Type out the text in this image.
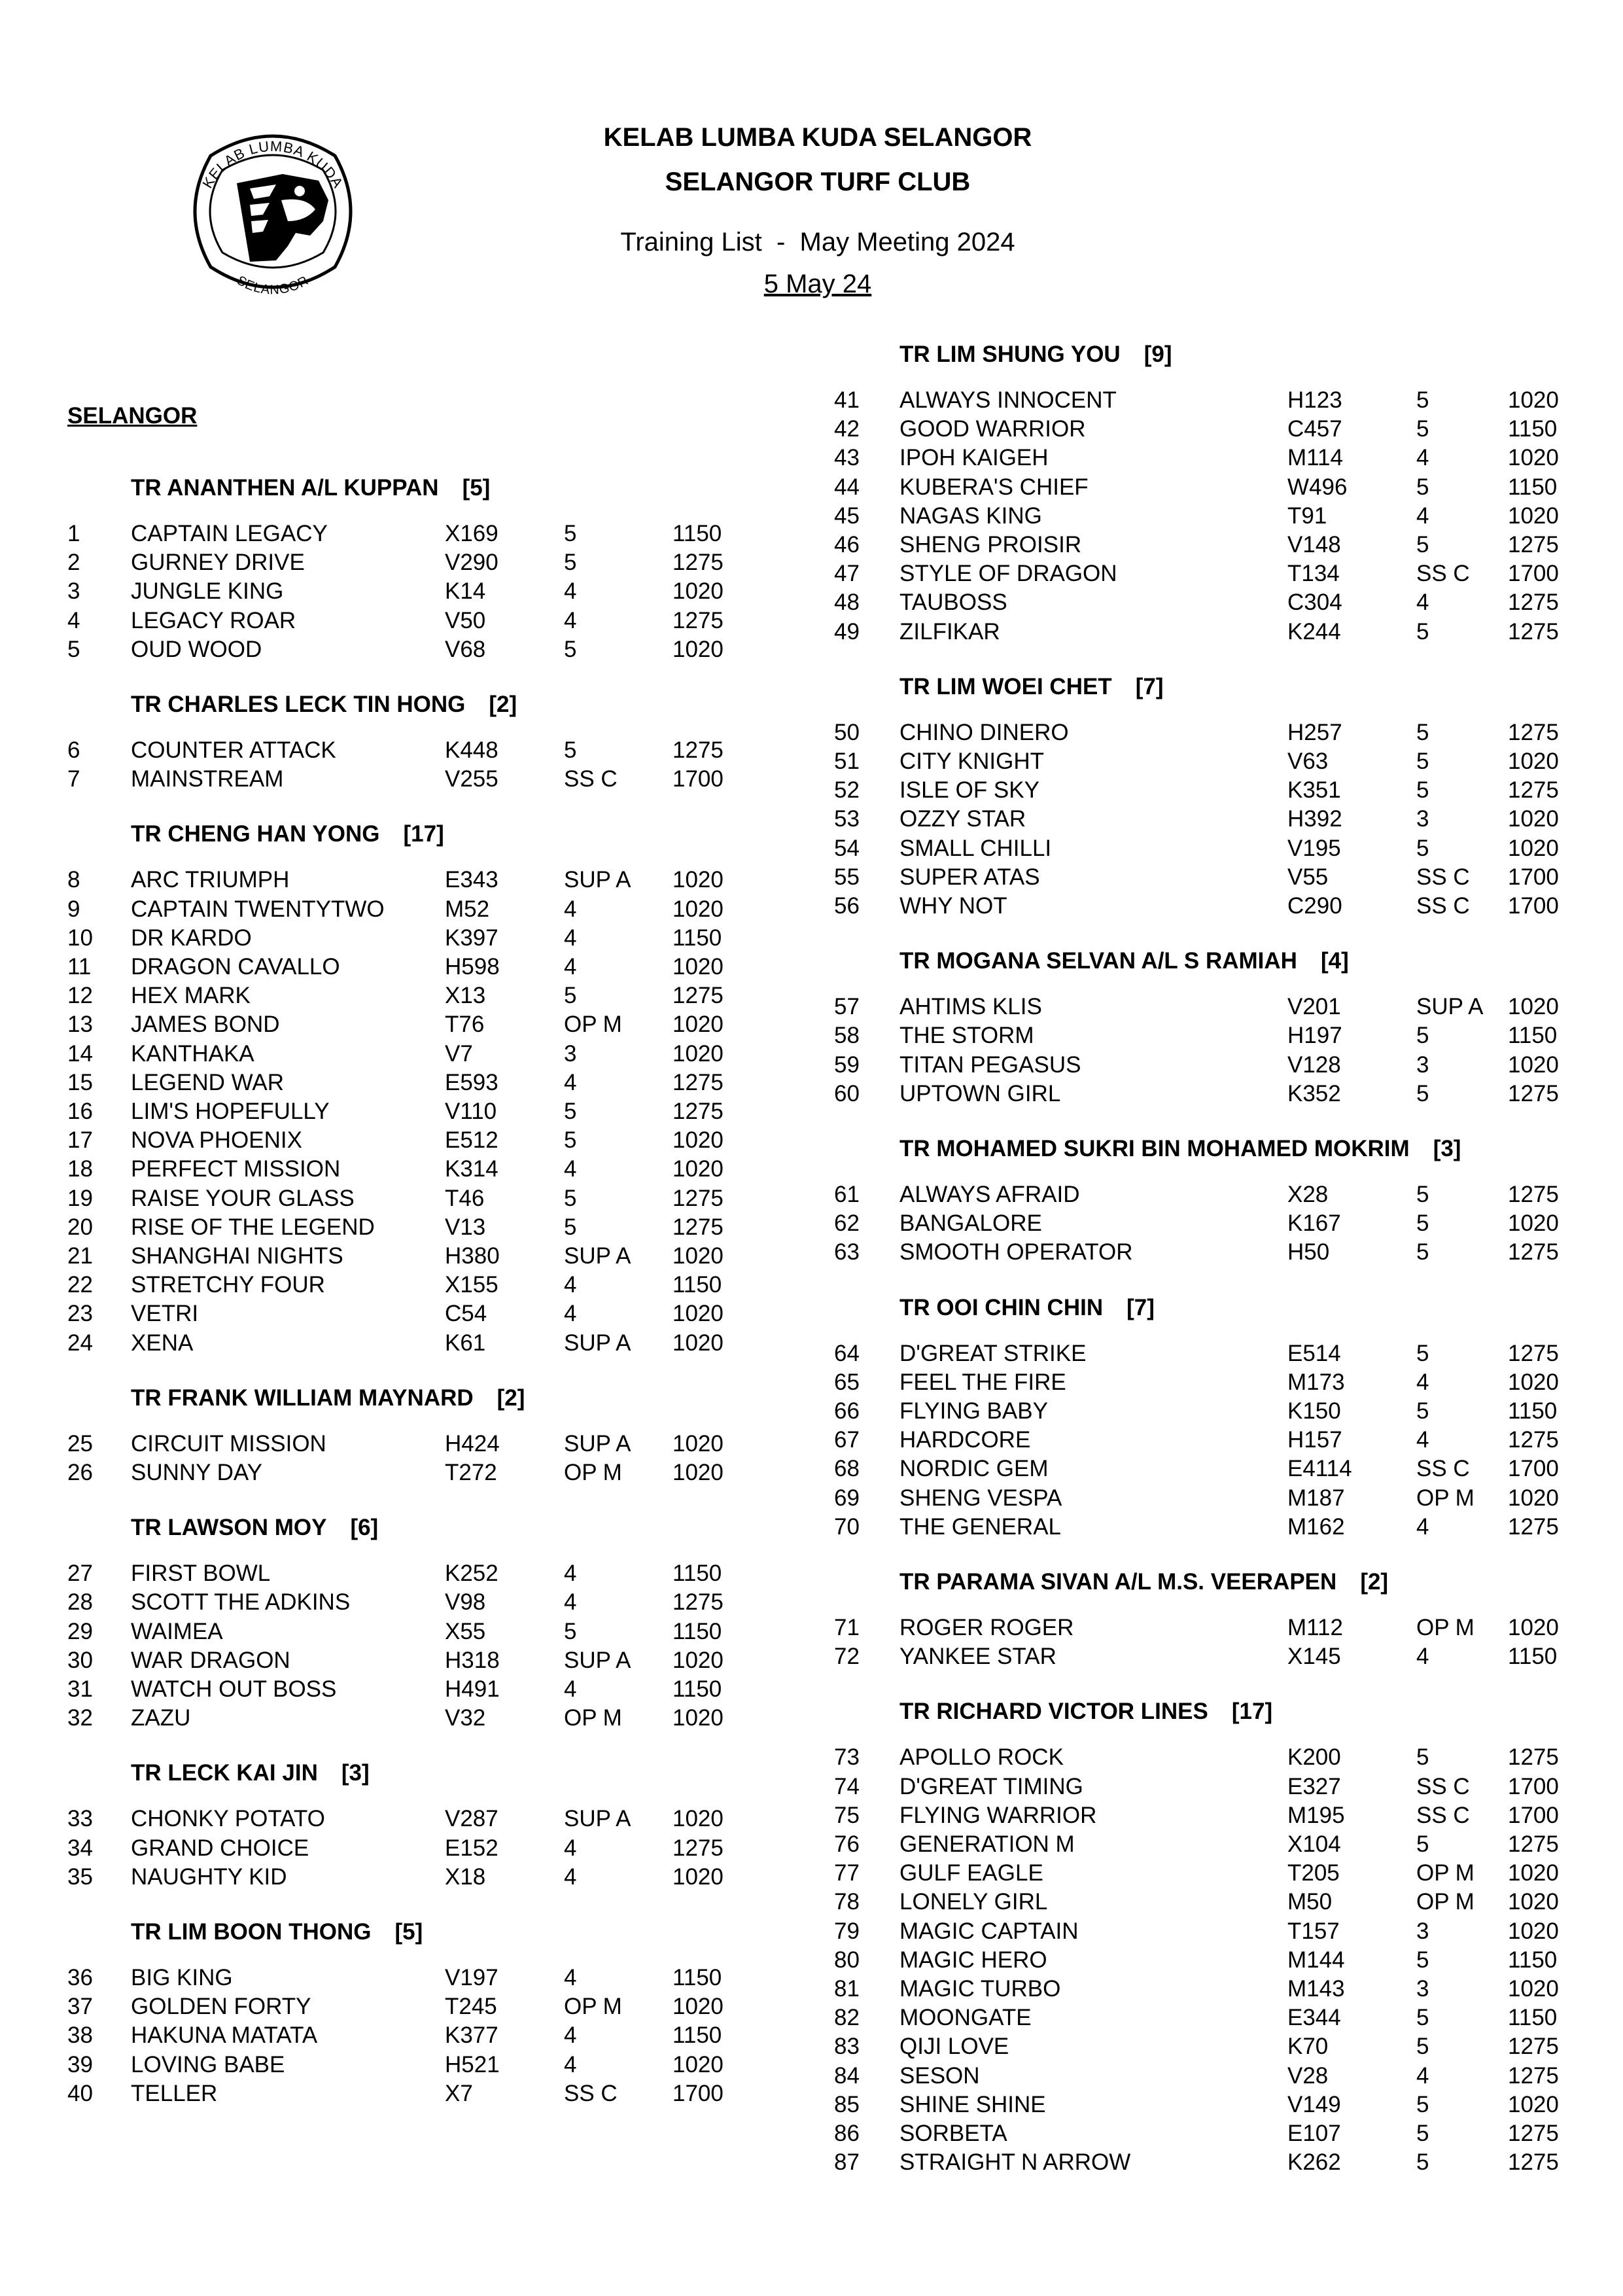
KELAB LUMBA KUDA
SELANGOR
KELAB LUMBA KUDA SELANGOR
SELANGOR TURF CLUB
Training List  -  May Meeting 2024
5 May 24
SELANGOR
TR ANANTHEN A/L KUPPAN [5]
1 CAPTAIN LEGACY	X169	5	1150
2 GURNEY DRIVE	V290	5	1275
3 JUNGLE KING	K14	4	1020
4 LEGACY ROAR	V50	4	1275
5 OUD WOOD	V68	5	1020
TR CHARLES LECK TIN HONG [2]
6 COUNTER ATTACK	K448	5	1275
7 MAINSTREAM	V255	SS C 1700
TR CHENG HAN YONG [17]
8 ARC TRIUMPH	E343	SUP A 1020
9 CAPTAIN TWENTYTWO	M52	4	1020
10 DR KARDO	K397	4	1150
11 DRAGON CAVALLO	H598	4	1020
12 HEX MARK	X13	5	1275
13 JAMES BOND	T76	OP M 1020
14 KANTHAKA	V7	3	1020
15 LEGEND WAR	E593	4	1275
16 LIM'S HOPEFULLY	V110	5	1275
17 NOVA PHOENIX	E512	5	1020
18 PERFECT MISSION	K314	4	1020
19 RAISE YOUR GLASS	T46	5	1275
20 RISE OF THE LEGEND	V13	5	1275
21 SHANGHAI NIGHTS	H380	SUP A 1020
22 STRETCHY FOUR	X155	4	1150
23 VETRI	C54	4	1020
24 XENA	K61	SUP A 1020
TR FRANK WILLIAM MAYNARD [2]
25 CIRCUIT MISSION	H424	SUP A 1020
26 SUNNY DAY	T272	OP M 1020
TR LAWSON MOY [6]
27 FIRST BOWL	K252	4	1150
28 SCOTT THE ADKINS	V98	4	1275
29 WAIMEA	X55	5	1150
30 WAR DRAGON	H318	SUP A 1020
31 WATCH OUT BOSS	H491	4	1150
32 ZAZU	V32	OP M 1020
TR LECK KAI JIN [3]
33 CHONKY POTATO	V287	SUP A 1020
34 GRAND CHOICE	E152	4	1275
35 NAUGHTY KID	X18	4	1020
TR LIM BOON THONG [5]
36 BIG KING	V197	4	1150
37 GOLDEN FORTY	T245	OP M 1020
38 HAKUNA MATATA	K377	4	1150
39 LOVING BABE	H521	4	1020
40 TELLER	X7	SS C 1700
TR LIM SHUNG YOU [9]
41 ALWAYS INNOCENT	H123	5	1020
42 GOOD WARRIOR	C457	5	1150
43 IPOH KAIGEH	M114	4	1020
44 KUBERA'S CHIEF	W496	5	1150
45 NAGAS KING	T91	4	1020
46 SHENG PROISIR	V148	5	1275
47 STYLE OF DRAGON	T134	SS C 1700
48 TAUBOSS	C304	4	1275
49 ZILFIKAR	K244	5	1275
TR LIM WOEI CHET [7]
50 CHINO DINERO	H257	5	1275
51 CITY KNIGHT	V63	5	1020
52 ISLE OF SKY	K351	5	1275
53 OZZY STAR	H392	3	1020
54 SMALL CHILLI	V195	5	1020
55 SUPER ATAS	V55	SS C 1700
56 WHY NOT	C290	SS C 1700
TR MOGANA SELVAN A/L S RAMIAH [4]
57 AHTIMS KLIS	V201	SUP A 1020
58 THE STORM	H197	5	1150
59 TITAN PEGASUS	V128	3	1020
60 UPTOWN GIRL	K352	5	1275
TR MOHAMED SUKRI BIN MOHAMED MOKRIM [3]
61 ALWAYS AFRAID	X28	5	1275
62 BANGALORE	K167	5	1020
63 SMOOTH OPERATOR	H50	5	1275
TR OOI CHIN CHIN [7]
64 D'GREAT STRIKE	E514	5	1275
65 FEEL THE FIRE	M173	4	1020
66 FLYING BABY	K150	5	1150
67 HARDCORE	H157	4	1275
68 NORDIC GEM	E4114	SS C 1700
69 SHENG VESPA	M187	OP M 1020
70 THE GENERAL	M162	4	1275
TR PARAMA SIVAN A/L M.S. VEERAPEN [2]
71 ROGER ROGER	M112	OP M 1020
72 YANKEE STAR	X145	4	1150
TR RICHARD VICTOR LINES [17]
73 APOLLO ROCK	K200	5	1275
74 D'GREAT TIMING	E327	SS C 1700
75 FLYING WARRIOR	M195	SS C 1700
76 GENERATION M	X104	5	1275
77 GULF EAGLE	T205	OP M 1020
78 LONELY GIRL	M50	OP M 1020
79 MAGIC CAPTAIN	T157	3	1020
80 MAGIC HERO	M144	5	1150
81 MAGIC TURBO	M143	3	1020
82 MOONGATE	E344	5	1150
83 QIJI LOVE	K70	5	1275
84 SESON	V28	4	1275
85 SHINE SHINE	V149	5	1020
86 SORBETA	E107	5	1275
87 STRAIGHT N ARROW	K262	5	1275
